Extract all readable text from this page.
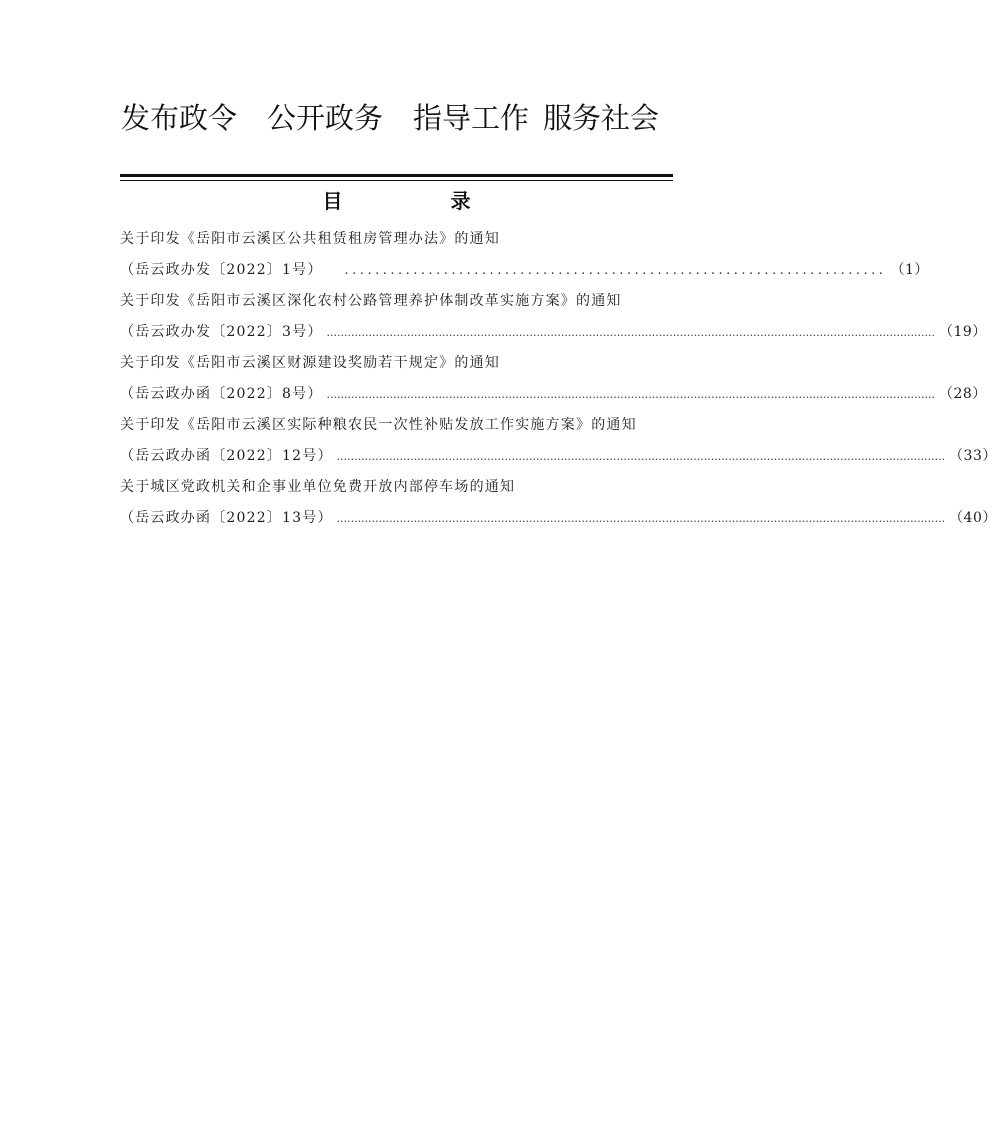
发布政令 公开政务 指导工作 服务社会
目　录
关于印发《岳阳市云溪区公共租赁租房管理办法》的通知
（岳云政办发〔2022〕1号） ....................................................................... （1）
关于印发《岳阳市云溪区深化农村公路管理养护体制改革实施方案》的通知
（岳云政办发〔2022〕3号） .............................................................................................................................................................................. （19）
关于印发《岳阳市云溪区财源建设奖励若干规定》的通知
（岳云政办函〔2022〕8号） .............................................................................................................................................................................. （28）
关于印发《岳阳市云溪区实际种粮农民一次性补贴发放工作实施方案》的通知
（岳云政办函〔2022〕12号） .............................................................................................................................................................................. （33）
关于城区党政机关和企事业单位免费开放内部停车场的通知
（岳云政办函〔2022〕13号） .............................................................................................................................................................................. （40）
